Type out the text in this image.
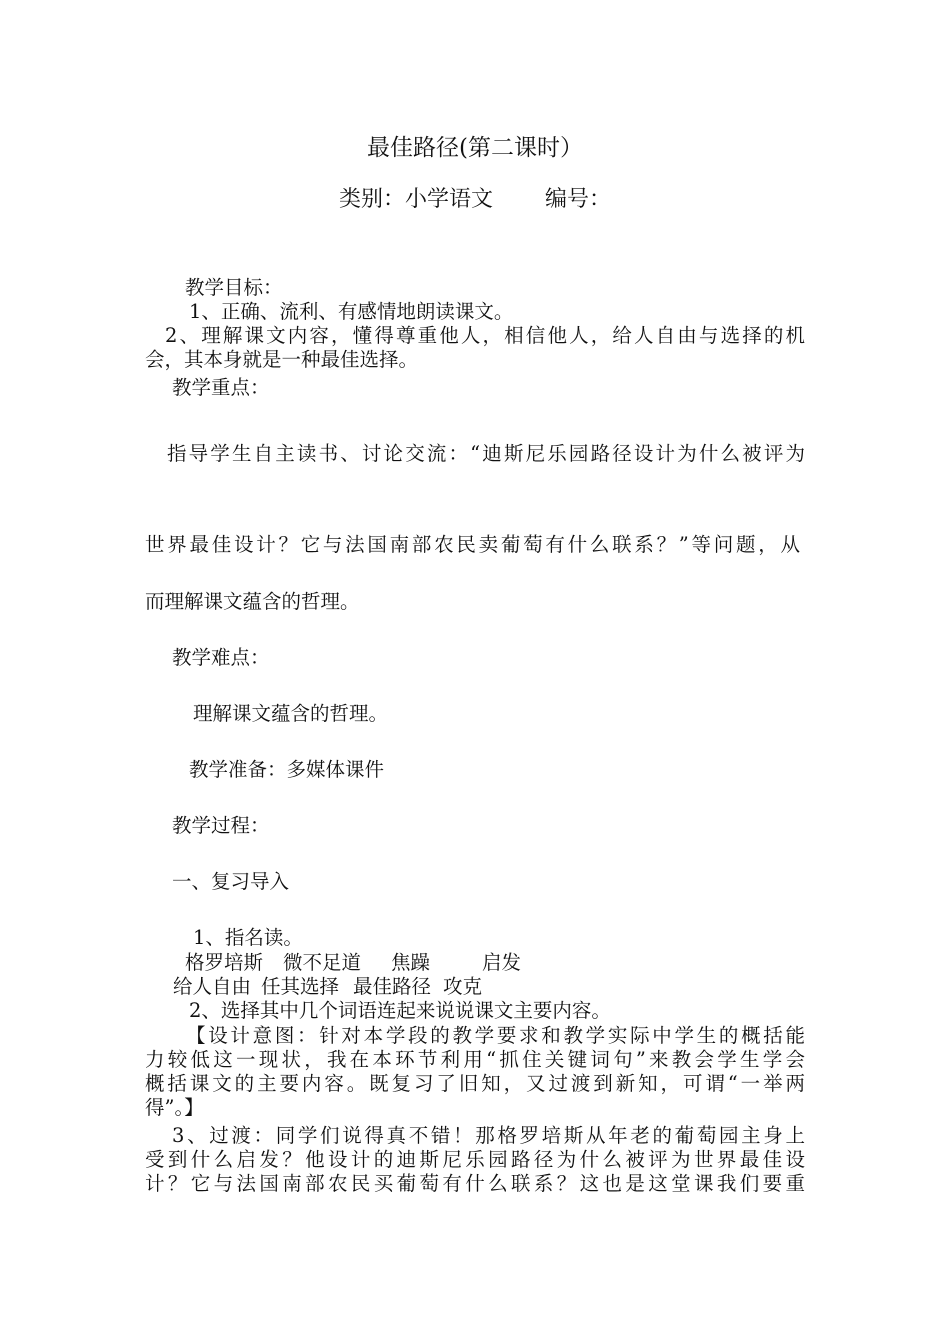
最佳路径(第二课时）
类别：小学语文 编号：
教学目标：
1、正确、流利、有感情地朗读课文。
2、理解课文内容，懂得尊重他人，相信他人，给人自由与选择的机
会，其本身就是一种最佳选择。
教学重点：
指导学生自主读书、讨论交流：“迪斯尼乐园路径设计为什么被评为
世界最佳设计？它与法国南部农民卖葡萄有什么联系？”等问题，从
而理解课文蕴含的哲理。
教学难点：
理解课文蕴含的哲理。
教学准备：多媒体课件
教学过程：
一、复习导入
1、指名读。
格罗培斯 微不足道 焦躁	启发
给人自由 任其选择 最佳路径 攻克
2、选择其中几个词语连起来说说课文主要内容。
【设计意图：针对本学段的教学要求和教学实际中学生的概括能
力较低这一现状，我在本环节利用“抓住关键词句”来教会学生学会
概括课文的主要内容。既复习了旧知，又过渡到新知，可谓“一举两
得”。】
3、过渡：同学们说得真不错！那格罗培斯从年老的葡萄园主身上
受到什么启发？他设计的迪斯尼乐园路径为什么被评为世界最佳设
计？它与法国南部农民买葡萄有什么联系？这也是这堂课我们要重
